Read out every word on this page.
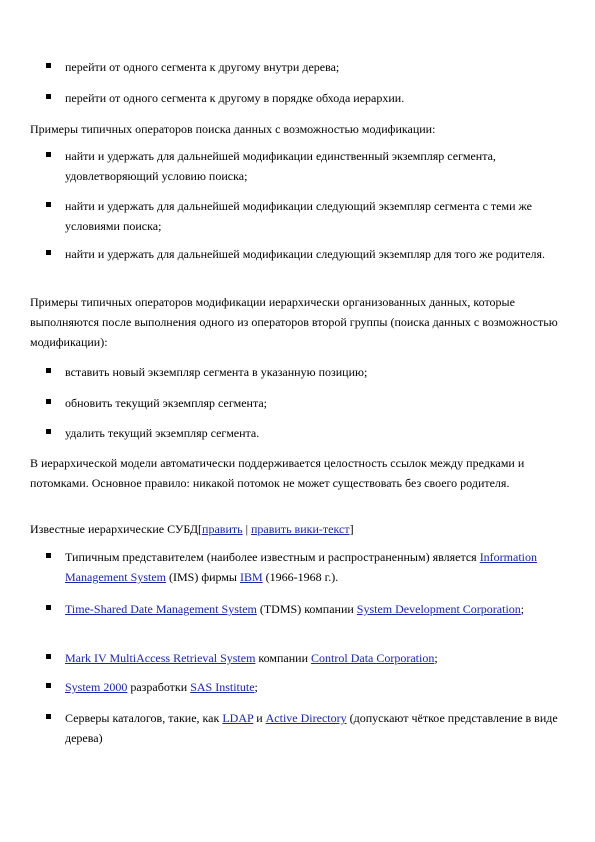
перейти от одного сегмента к другому внутри дерева;
перейти от одного сегмента к другому в порядке обхода иерархии.
Примеры типичных операторов поиска данных с возможностью модификации:
найти и удержать для дальнейшей модификации единственный экземпляр сегмента, удовлетворяющий условию поиска;
найти и удержать для дальнейшей модификации следующий экземпляр сегмента с теми же условиями поиска;
найти и удержать для дальнейшей модификации следующий экземпляр для того же родителя.
Примеры типичных операторов модификации иерархически организованных данных, которые выполняются после выполнения одного из операторов второй группы (поиска данных с возможностью модификации):
вставить новый экземпляр сегмента в указанную позицию;
обновить текущий экземпляр сегмента;
удалить текущий экземпляр сегмента.
В иерархической модели автоматически поддерживается целостность ссылок между предками и потомками. Основное правило: никакой потомок не может существовать без своего родителя.
Известные иерархические СУБД[править | править вики-текст]
Типичным представителем (наиболее известным и распространенным) является Information Management System (IMS) фирмы IBM (1966-1968 г.).
Time-Shared Date Management System (TDMS) компании System Development Corporation;
Mark IV MultiAccess Retrieval System компании Control Data Corporation;
System 2000 разработки SAS Institute;
Серверы каталогов, такие, как LDAP и Active Directory (допускают чёткое представление в виде дерева)
